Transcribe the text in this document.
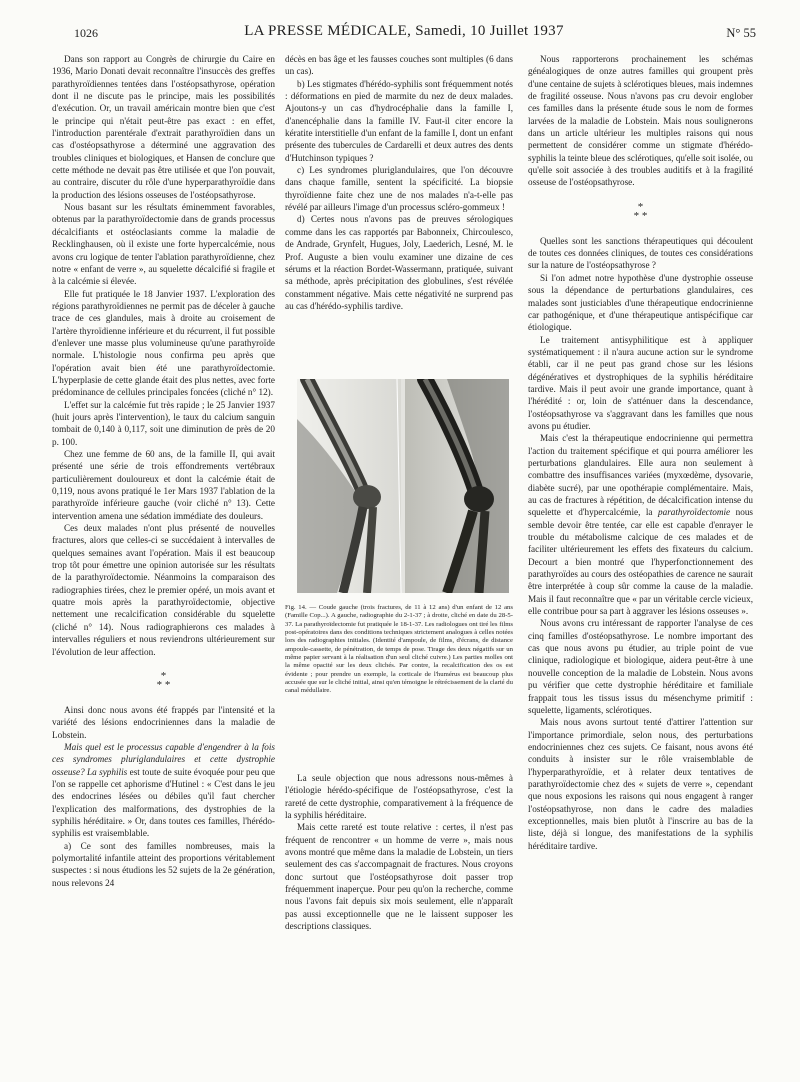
1026	LA PRESSE MÉDICALE, Samedi, 10 Juillet 1937	N° 55

Dans son rapport au Congrès de chirurgie du Caire en 1936, Mario Donati devait reconnaître l'insuccès des greffes parathyroïdiennes tentées dans l'ostéopsathyrose, opération dont il ne discute pas le principe, mais les possibilités d'exécution. Or, un travail américain montre bien que c'est le principe qui n'était peut-être pas exact : en effet, l'introduction parentérale d'extrait parathyroïdien dans un cas d'ostéopsathyrose a déterminé une aggravation des troubles cliniques et biologiques, et Hansen de conclure que cette méthode ne devait pas être utilisée et que l'on pouvait, au contraire, discuter du rôle d'une hyperparathyroïdie dans la production des lésions osseuses de l'ostéopsathyrose.

Nous basant sur les résultats éminemment favorables, obtenus par la parathyroïdectomie dans de grands processus décalcifiants et ostéoclasiants comme la maladie de Recklinghausen, où il existe une forte hypercalcémie, nous avons cru logique de tenter l'ablation parathyroïdienne, chez notre « enfant de verre », au squelette décalcifié si fragile et à la calcémie si élevée.

Elle fut pratiquée le 18 Janvier 1937. L'exploration des régions parathyroïdiennes ne permit pas de déceler à gauche trace de ces glandules, mais à droite au croisement de l'artère thyroïdienne inférieure et du récurrent, il fut possible d'enlever une masse plus volumineuse qu'une parathyroïde normale. L'histologie nous confirma peu après que l'opération avait bien été une parathyroïdectomie. L'hyperplasie de cette glande était des plus nettes, avec forte prédominance de cellules principales foncées (cliché n° 12).

L'effet sur la calcémie fut très rapide ; le 25 Janvier 1937 (huit jours après l'intervention), le taux du calcium sanguin tombait de 0,140 à 0,117, soit une diminution de près de 20 p. 100.

Chez une femme de 60 ans, de la famille II, qui avait présenté une série de trois effondrements vertébraux particulièrement douloureux et dont la calcémie était de 0,119, nous avons pratiqué le 1er Mars 1937 l'ablation de la parathyroïde inférieure gauche (voir cliché n° 13). Cette intervention amena une sédation immédiate des douleurs.

Ces deux malades n'ont plus présenté de nouvelles fractures, alors que celles-ci se succédaient à intervalles de quelques semaines avant l'opération. Mais il est beaucoup trop tôt pour émettre une opinion autorisée sur les résultats de la parathyroïdectomie. Néanmoins la comparaison des radiographies tirées, chez le premier opéré, un mois avant et quatre mois après la parathyroïdectomie, objective nettement une recalcification considérable du squelette (cliché n° 14). Nous radiographierons ces malades à intervalles réguliers et nous reviendrons ultérieurement sur l'évolution de leur affection.

*
* *

Ainsi donc nous avons été frappés par l'intensité et la variété des lésions endocriniennes dans la maladie de Lobstein.

Mais quel est le processus capable d'engendrer à la fois ces syndromes pluriglandulaires et cette dystrophie osseuse? La syphilis est toute de suite évoquée pour peu que l'on se rappelle cet aphorisme d'Hutinel : « C'est dans le jeu des endocrines lésées ou débiles qu'il faut chercher l'explication des malformations, des dystrophies de la syphilis héréditaire. » Or, dans toutes ces familles, l'hérédo-syphilis est vraisemblable.

a) Ce sont des familles nombreuses, mais la polymortalité infantile atteint des proportions véritablement suspectes : si nous étudions les 52 sujets de la 2e génération, nous relevons 24

décès en bas âge et les fausses couches sont multiples (6 dans un cas).

b) Les stigmates d'hérédo-syphilis sont fréquemment notés : déformations en pied de marmite du nez de deux malades. Ajoutons-y un cas d'hydrocéphalie dans la famille I, d'anencéphalie dans la famille IV. Faut-il citer encore la kératite interstitielle d'un enfant de la famille I, dont un enfant présente des tubercules de Cardarelli et deux autres des dents d'Hutchinson typiques ?

c) Les syndromes pluriglandulaires, que l'on découvre dans chaque famille, sentent la spécificité. La biopsie thyroïdienne faite chez une de nos malades n'a-t-elle pas révélé par ailleurs l'image d'un processus scléro-gommeux !

d) Certes nous n'avons pas de preuves sérologiques comme dans les cas rapportés par Babonneix, Chircoulesco, de Andrade, Grynfelt, Hugues, Joly, Laederich, Lesné, M. le Prof. Auguste a bien voulu examiner une dizaine de ces sérums et la réaction Bordet-Wassermann, pratiquée, suivant sa méthode, après précipitation des globulines, s'est révélée constamment négative. Mais cette négativité ne surprend pas au cas d'hérédo-syphilis tardive.

Fig. 14. — Coude gauche (trois fractures, de 11 à 12 ans) d'un enfant de 12 ans (Famille Cop...). A gauche, radiographie du 2-1-37 ; à droite, cliché en date du 28-5-37. La parathyroïdectomie fut pratiquée le 18-1-37. Les radiologues ont tiré les films post-opératoires dans des conditions techniques strictement analogues à celles notées lors des radiographies initiales. (Identité d'ampoule, de films, d'écrans, de distance ampoule-cassette, de pénétration, de temps de pose. Tirage des deux négatifs sur un même papier servant à la réalisation d'un seul cliché cuivre.) Les parties molles ont la même opacité sur les deux clichés. Par contre, la recalcification des os est évidente ; pour prendre un exemple, la corticale de l'humérus est beaucoup plus accusée que sur le cliché initial, ainsi qu'en témoigne le rétrécissement de la clarté du canal médullaire.

La seule objection que nous adressons nous-mêmes à l'étiologie hérédo-spécifique de l'ostéopsathyrose, c'est la rareté de cette dystrophie, comparativement à la fréquence de la syphilis héréditaire.

Mais cette rareté est toute relative : certes, il n'est pas fréquent de rencontrer « un homme de verre », mais nous avons montré que même dans la maladie de Lobstein, un tiers seulement des cas s'accompagnait de fractures. Nous croyons donc surtout que l'ostéopsathyrose doit passer trop fréquemment inaperçue. Pour peu qu'on la recherche, comme nous l'avons fait depuis six mois seulement, elle n'apparaît pas aussi exceptionnelle que ne le laissent supposer les descriptions classiques.

Nous rapporterons prochainement les schémas généalogiques de onze autres familles qui groupent près d'une centaine de sujets à sclérotiques bleues, mais indemnes de fragilité osseuse. Nous n'avons pas cru devoir englober ces familles dans la présente étude sous le nom de formes larvées de la maladie de Lobstein. Mais nous soulignerons dans un article ultérieur les multiples raisons qui nous permettent de considérer comme un stigmate d'hérédo-syphilis la teinte bleue des sclérotiques, qu'elle soit isolée, ou qu'elle soit associée à des troubles auditifs et à la fragilité osseuse de l'ostéopsathyrose.

*
* *

Quelles sont les sanctions thérapeutiques qui découlent de toutes ces données cliniques, de toutes ces considérations sur la nature de l'ostéopsathyrose ?

Si l'on admet notre hypothèse d'une dystrophie osseuse sous la dépendance de perturbations glandulaires, ces malades sont justiciables d'une thérapeutique endocrinienne car pathogénique, et d'une thérapeutique antispécifique car étiologique.

Le traitement antisyphilitique est à appliquer systématiquement : il n'aura aucune action sur le syndrome établi, car il ne peut pas grand chose sur les lésions dégénératives et dystrophiques de la syphilis héréditaire tardive. Mais il peut avoir une grande importance, quant à l'hérédité : or, loin de s'atténuer dans la descendance, l'ostéopsathyrose va s'aggravant dans les familles que nous avons pu étudier.

Mais c'est la thérapeutique endocrinienne qui permettra l'action du traitement spécifique et qui pourra améliorer les perturbations glandulaires. Elle aura non seulement à combattre des insuffisances variées (myxœdème, dysovarie, diabète sucré), par une opothérapie complémentaire. Mais, au cas de fractures à répétition, de décalcification intense du squelette et d'hypercalcémie, la parathyroïdectomie nous semble devoir être tentée, car elle est capable d'enrayer le trouble du métabolisme calcique de ces malades et de faciliter ultérieurement les effets des fixateurs du calcium. Decourt a bien montré que l'hyperfonctionnement des parathyroïdes au cours des ostéopathies de carence ne saurait être interprétée à coup sûr comme la cause de la maladie. Mais il faut reconnaître que « par un véritable cercle vicieux, elle contribue pour sa part à aggraver les lésions osseuses ».

Nous avons cru intéressant de rapporter l'analyse de ces cinq familles d'ostéopsathyrose. Le nombre important des cas que nous avons pu étudier, au triple point de vue clinique, radiologique et biologique, aidera peut-être à une nouvelle conception de la maladie de Lobstein. Nous avons pu vérifier que cette dystrophie héréditaire et familiale frappait tous les tissus issus du mésenchyme primitif : squelette, ligaments, sclérotiques.

Mais nous avons surtout tenté d'attirer l'attention sur l'importance primordiale, selon nous, des perturbations endocriniennes chez ces sujets. Ce faisant, nous avons été conduits à insister sur le rôle vraisemblable de l'hyperparathyroïdie, et à relater deux tentatives de parathyroïdectomie chez des « sujets de verre », cependant que nous exposions les raisons qui nous engagent à ranger l'ostéopsathyrose, non dans le cadre des maladies exceptionnelles, mais bien plutôt à l'inscrire au bas de la liste, déjà si longue, des manifestations de la syphilis héréditaire tardive.
